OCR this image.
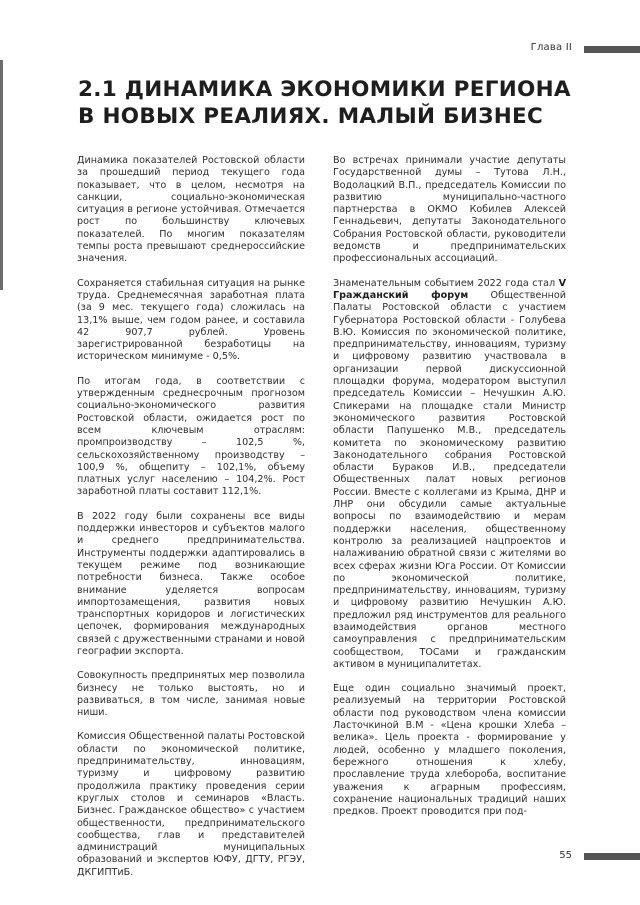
Глава II
2.1 ДИНАМИКА ЭКОНОМИКИ РЕГИОНА
В НОВЫХ РЕАЛИЯХ. МАЛЫЙ БИЗНЕС

Динамика показателей Ростовской области за прошедший период текущего года показывает, что в целом, несмотря на санкции, социально-экономическая ситуация в регионе устойчивая. Отмечается рост по большинству ключевых показателей. По многим показателям темпы роста превышают среднероссийские значения.

Сохраняется стабильная ситуация на рынке труда. Среднемесячная заработная плата (за 9 мес. текущего года) сложилась на 13,1% выше, чем годом ранее, и составила 42 907,7 рублей. Уровень зарегистрированной безработицы на историческом минимуме - 0,5%.

По итогам года, в соответствии с утвержденным среднесрочным прогнозом социально-экономического развития Ростовской области, ожидается рост по всем ключевым отраслям: промпроизводству – 102,5 %, сельскохозяйственному производству – 100,9 %, общепиту – 102,1%, объему платных услуг населению – 104,2%. Рост заработной платы составит 112,1%.

В 2022 году были сохранены все виды поддержки инвесторов и субъектов малого и среднего предпринимательства. Инструменты поддержки адаптировались в текущем режиме под возникающие потребности бизнеса. Также особое внимание уделяется вопросам импортозамещения, развития новых транспортных коридоров и логистических цепочек, формирования международных связей с дружественными странами и новой географии экспорта.

Совокупность предпринятых мер позволила бизнесу не только выстоять, но и развиваться, в том числе, занимая новые ниши.

Комиссия Общественной палаты Ростовской области по экономической политике, предпринимательству, инновациям, туризму и цифровому развитию продолжила практику проведения серии круглых столов и семинаров «Власть. Бизнес. Гражданское общество» с участием общественности, предпринимательского сообщества, глав и представителей администраций муниципальных образований и экспертов ЮФУ, ДГТУ, РГЭУ, ДКГИПТиБ.

Во встречах принимали участие депутаты Государственной думы – Тутова Л.Н., Водолацкий В.П., председатель Комиссии по развитию муниципально-частного партнерства в ОКМО Кобилев Алексей Геннадьевич, депутаты Законодательного Собрания Ростовской области, руководители ведомств и предпринимательских профессиональных ассоциаций.

Знаменательным событием 2022 года стал V Гражданский форум Общественной Палаты Ростовской области с участием Губернатора Ростовской области - Голубева В.Ю. Комиссия по экономической политике, предпринимательству, инновациям, туризму и цифровому развитию участвовала в организации первой дискуссионной площадки форума, модератором выступил председатель Комиссии – Нечушкин А.Ю. Спикерами на площадке стали Министр экономического развития Ростовской области Папушенко М.В., председатель комитета по экономическому развитию Законодательного собрания Ростовской области Бураков И.В., председатели Общественных палат новых регионов России. Вместе с коллегами из Крыма, ДНР и ЛНР они обсудили самые актуальные вопросы по взаимодействию и мерам поддержки населения, общественному контролю за реализацией нацпроектов и налаживанию обратной связи с жителями во всех сферах жизни Юга России. От Комиссии по экономической политике, предпринимательству, инновациям, туризму и цифровому развитию Нечушкин А.Ю. предложил ряд инструментов для реального взаимодействия органов местного самоуправления с предпринимательским сообществом, ТОСами и гражданским активом в муниципалитетах.

Еще один социально значимый проект, реализуемый на территории Ростовской области под руководством члена комиссии Ласточкиной В.М - «Цена крошки Хлеба – велика». Цель проекта - формирование у людей, особенно у младшего поколения, бережного отношения к хлебу, прославление труда хлебороба, воспитание уважения к аграрным профессиям, сохранение национальных традиций наших предков. Проект проводится при под-

55
